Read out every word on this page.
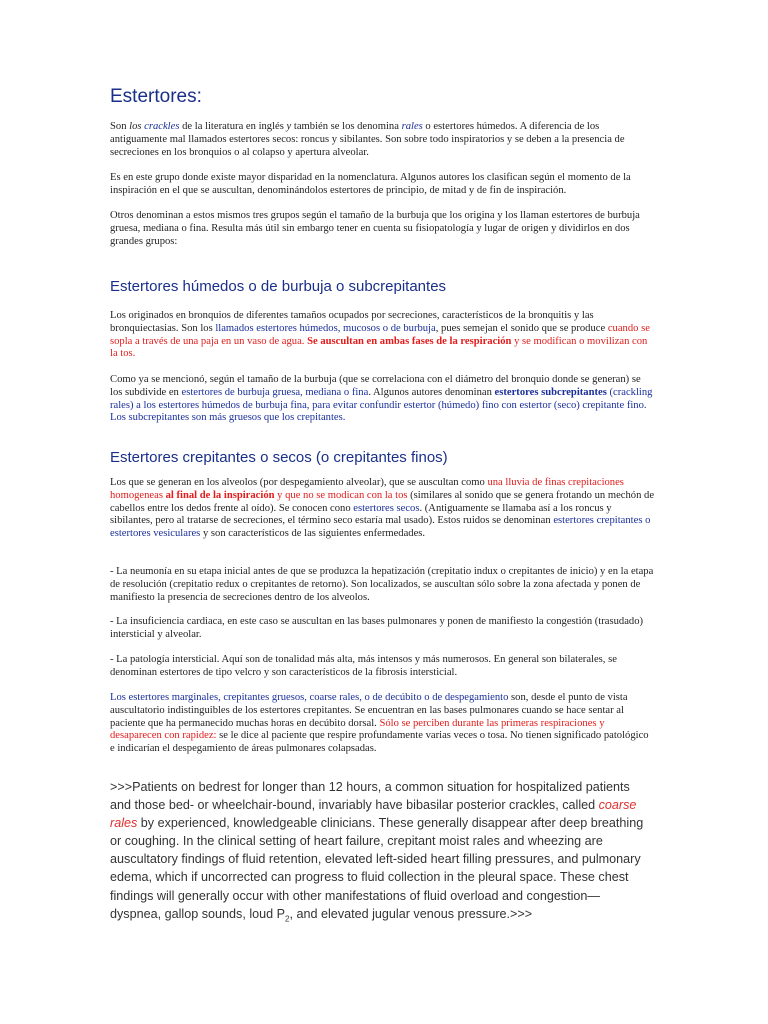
Estertores:

Son los crackles de la literatura en inglés y también se los denomina rales o estertores húmedos. A diferencia de los antiguamente mal llamados estertores secos: roncus y sibilantes. Son sobre todo inspiratorios y se deben a la presencia de secreciones en los bronquios o al colapso y apertura alveolar.

Es en este grupo donde existe mayor disparidad en la nomenclatura. Algunos autores los clasifican según el momento de la inspiración en el que se auscultan, denominándolos estertores de principio, de mitad y de fin de inspiración.

Otros denominan a estos mismos tres grupos según el tamaño de la burbuja que los origina y los llaman estertores de burbuja gruesa, mediana o fina. Resulta más útil sin embargo tener en cuenta su fisiopatología y lugar de origen y dividirlos en dos grandes grupos:

Estertores húmedos o de burbuja o subcrepitantes

Los originados en bronquios de diferentes tamaños ocupados por secreciones, característicos de la bronquitis y las bronquiectasias. Son los llamados estertores húmedos, mucosos o de burbuja, pues semejan el sonido que se produce cuando se sopla a través de una paja en un vaso de agua. Se auscultan en ambas fases de la respiración y se modifican o movilizan con la tos.

Como ya se mencionó, según el tamaño de la burbuja (que se correlaciona con el diámetro del bronquio donde se generan) se los subdivide en estertores de burbuja gruesa, mediana o fina. Algunos autores denominan estertores subcrepitantes (crackling rales) a los estertores húmedos de burbuja fina, para evitar confundir estertor (húmedo) fino con estertor (seco) crepitante fino. Los subcrepitantes son más gruesos que los crepitantes.

Estertores crepitantes o secos (o crepitantes finos)

Los que se generan en los alveolos (por despegamiento alveolar), que se auscultan como una lluvia de finas crepitaciones homogeneas al final de la inspiración y que no se modican con la tos (similares al sonido que se genera frotando un mechón de cabellos entre los dedos frente al oído). Se conocen cono estertores secos. (Antiguamente se llamaba así a los roncus y sibilantes, pero al tratarse de secreciones, el término seco estaría mal usado). Estos ruidos se denominan estertores crepitantes o estertores vesiculares y son característicos de las siguientes enfermedades.

- La neumonía en su etapa inicial antes de que se produzca la hepatización (crepitatio indux o crepitantes de inicio) y en la etapa de resolución (crepitatio redux o crepitantes de retorno). Son localizados, se auscultan sólo sobre la zona afectada y ponen de manifiesto la presencia de secreciones dentro de los alveolos.

- La insuficiencia cardiaca, en este caso se auscultan en las bases pulmonares y ponen de manifiesto la congestión (trasudado) intersticial y alveolar.

- La patología intersticial. Aquí son de tonalidad más alta, más intensos y más numerosos. En general son bilaterales, se denominan estertores de tipo velcro y son característicos de la fibrosis intersticial.

Los estertores marginales, crepitantes gruesos, coarse rales, o de decúbito o de despegamiento son, desde el punto de vista auscultatorio indistinguibles de los estertores crepitantes. Se encuentran en las bases pulmonares cuando se hace sentar al paciente que ha permanecido muchas horas en decúbito dorsal. Sólo se perciben durante las primeras respiraciones y desaparecen con rapidez: se le dice al paciente que respire profundamente varias veces o tosa. No tienen significado patológico e indicarían el despegamiento de áreas pulmonares colapsadas.

>>>Patients on bedrest for longer than 12 hours, a common situation for hospitalized patients and those bed- or wheelchair-bound, invariably have bibasilar posterior crackles, called coarse rales by experienced, knowledgeable clinicians. These generally disappear after deep breathing or coughing. In the clinical setting of heart failure, crepitant moist rales and wheezing are auscultatory findings of fluid retention, elevated left-sided heart filling pressures, and pulmonary edema, which if uncorrected can progress to fluid collection in the pleural space. These chest findings will generally occur with other manifestations of fluid overload and congestion—dyspnea, gallop sounds, loud $P_2$, and elevated jugular venous pressure.>>>
